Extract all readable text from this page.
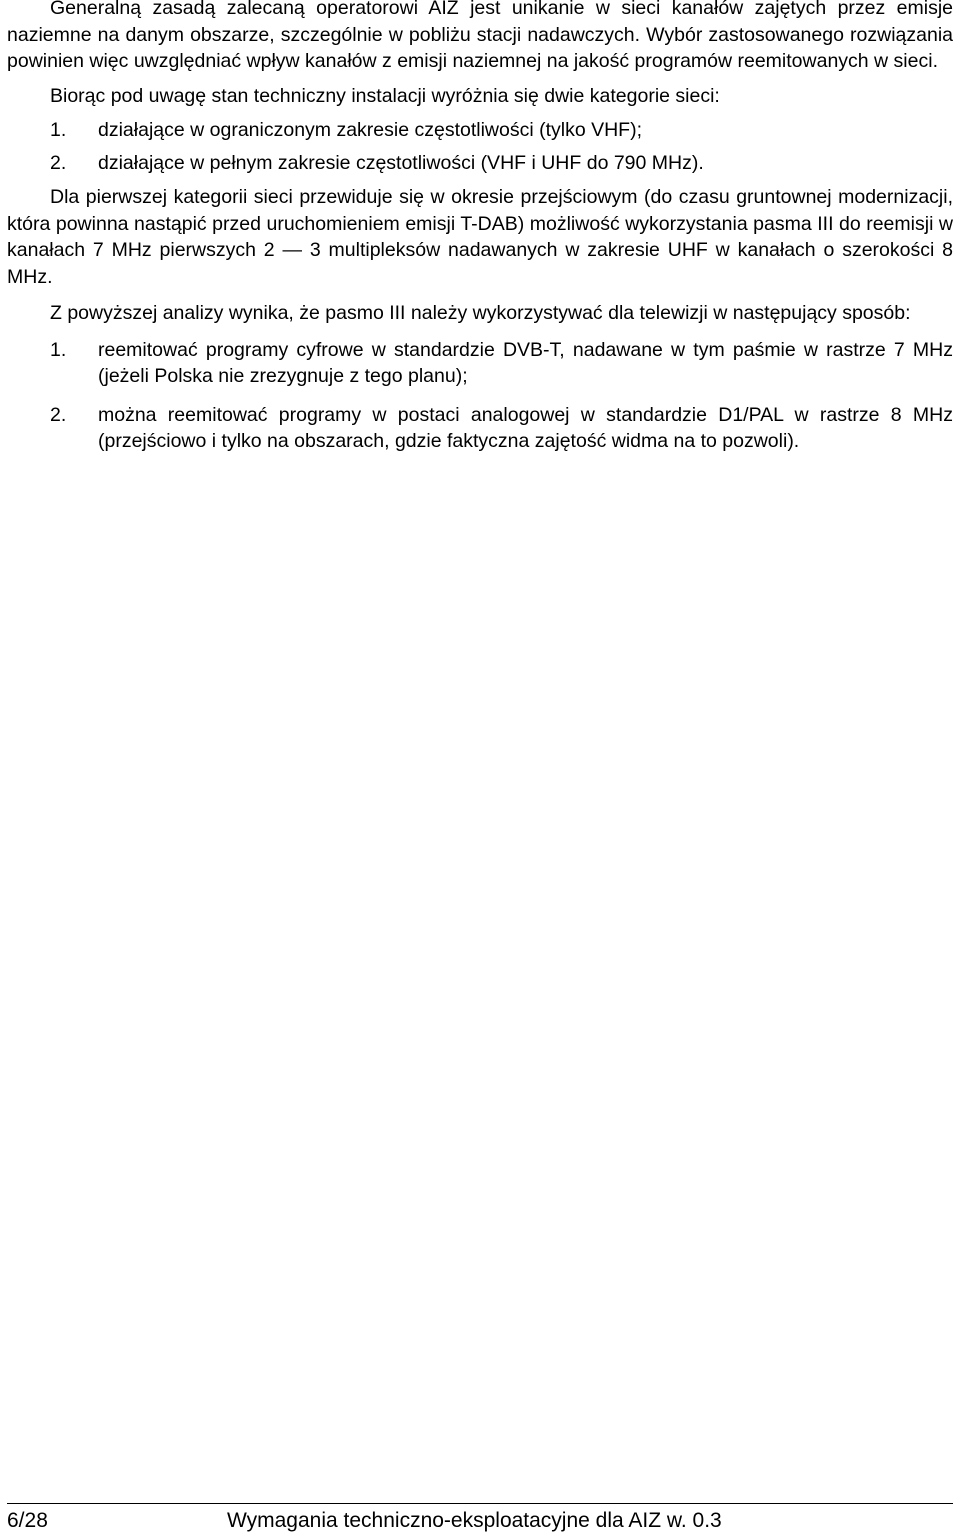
Generalną zasadą zalecaną operatorowi AIZ jest unikanie w sieci kanałów zajętych przez emisje naziemne na danym obszarze, szczególnie w pobliżu stacji nadawczych. Wybór zastosowanego rozwiązania powinien więc uwzględniać wpływ kanałów z emisji naziemnej na jakość programów reemitowanych w sieci.

Biorąc pod uwagę stan techniczny instalacji wyróżnia się dwie kategorie sieci:

1.	działające w ograniczonym zakresie częstotliwości (tylko VHF);
2.	działające w pełnym zakresie częstotliwości (VHF i UHF do 790 MHz).

Dla pierwszej kategorii sieci przewiduje się w okresie przejściowym (do czasu gruntownej modernizacji, która powinna nastąpić przed uruchomieniem emisji T-DAB) możliwość wykorzystania pasma III do reemisji w kanałach 7 MHz pierwszych 2 — 3 multipleksów nadawanych w zakresie UHF w kanałach o szerokości 8 MHz.

Z powyższej analizy wynika, że pasmo III należy wykorzystywać dla telewizji w następujący sposób:

1.	reemitować programy cyfrowe w standardzie DVB-T, nadawane w tym paśmie w rastrze 7 MHz (jeżeli Polska nie zrezygnuje z tego planu);
2.	można reemitować programy w postaci analogowej w standardzie D1/PAL w rastrze 8 MHz (przejściowo i tylko na obszarach, gdzie faktyczna zajętość widma na to pozwoli).
6/28	Wymagania techniczno-eksploatacyjne dla AIZ w. 0.3
